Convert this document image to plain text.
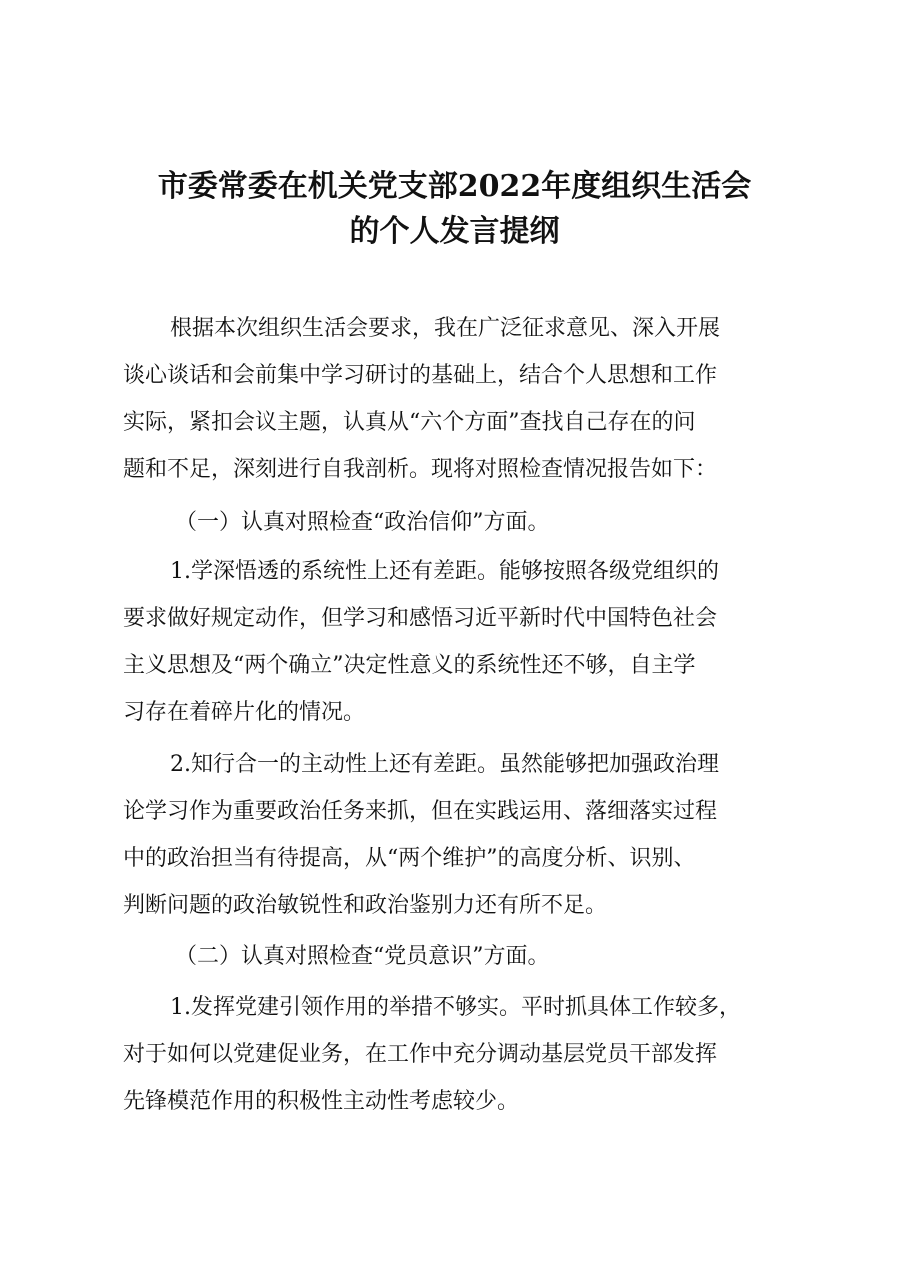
市委常委在机关党支部2022年度组织生活会
的个人发言提纲

根据本次组织生活会要求，我在广泛征求意见、深入开展

谈心谈话和会前集中学习研讨的基础上，结合个人思想和工作

实际，紧扣会议主题，认真从“六个方面”查找自己存在的问

题和不足，深刻进行自我剖析。现将对照检查情况报告如下：

（一）认真对照检查“政治信仰”方面。

1.学深悟透的系统性上还有差距。能够按照各级党组织的

要求做好规定动作，但学习和感悟习近平新时代中国特色社会

主义思想及“两个确立”决定性意义的系统性还不够，自主学

习存在着碎片化的情况。

2.知行合一的主动性上还有差距。虽然能够把加强政治理

论学习作为重要政治任务来抓，但在实践运用、落细落实过程

中的政治担当有待提高，从“两个维护”的高度分析、识别、

判断问题的政治敏锐性和政治鉴别力还有所不足。

（二）认真对照检查“党员意识”方面。

1.发挥党建引领作用的举措不够实。平时抓具体工作较多，

对于如何以党建促业务，在工作中充分调动基层党员干部发挥

先锋模范作用的积极性主动性考虑较少。
